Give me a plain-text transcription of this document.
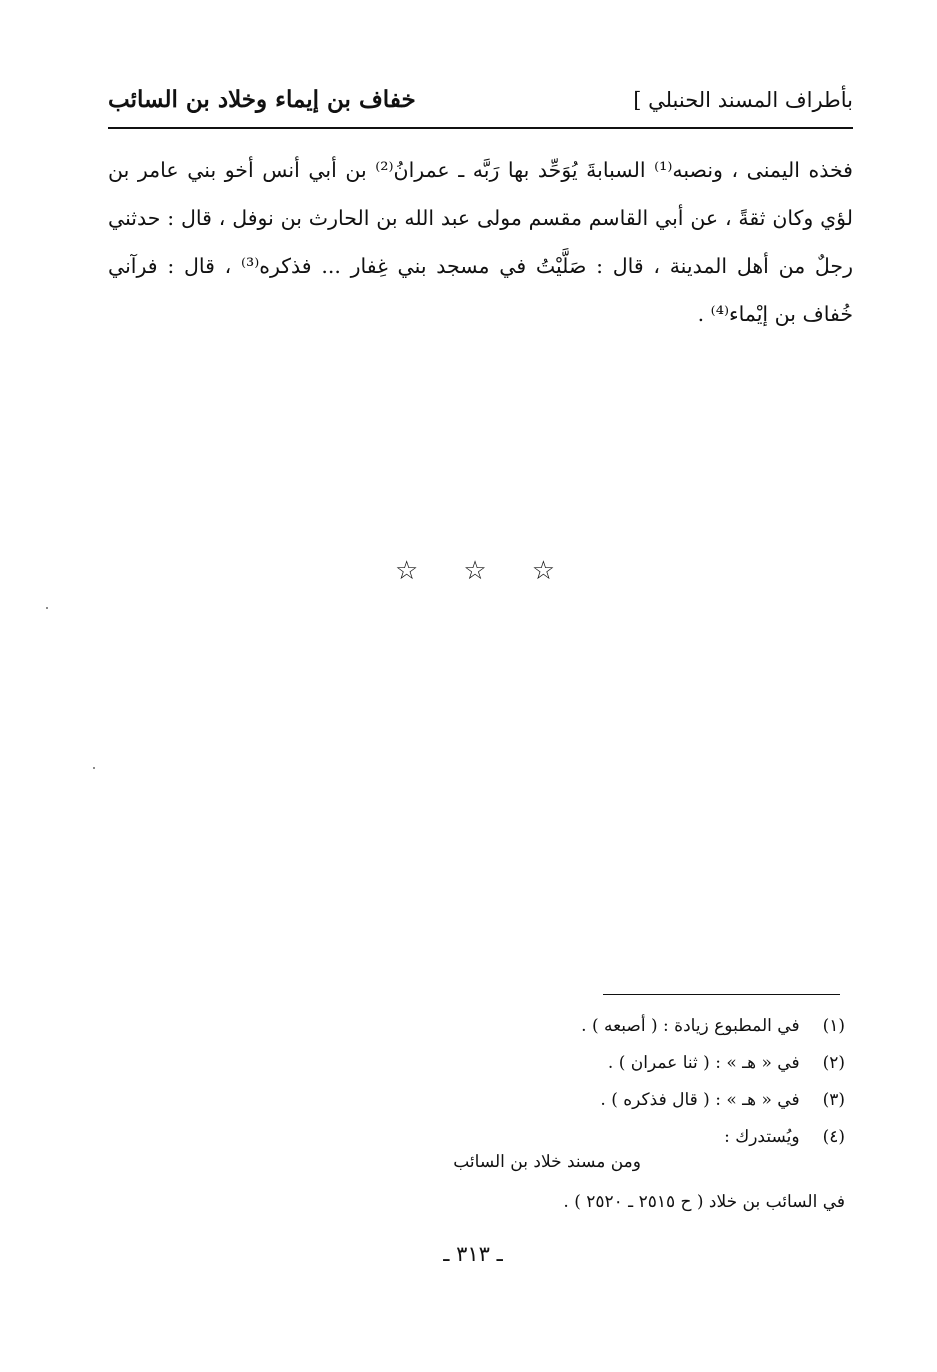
بأطراف المسند الحنبلي ]
خفاف بن إيماء وخلاد بن السائب

فخذه اليمنى ، ونصبه⁽¹⁾ السبابةَ يُوَحِّد بها رَبَّه ـ عمرانُ⁽²⁾ بن أبي أنس أخو بني عامر بن لؤي وكان ثقةً ، عن أبي القاسم مقسم مولى عبد الله بن الحارث بن نوفل ، قال : حدثني رجلٌ من أهل المدينة ، قال : صَلَّيْتُ في مسجد بني غِفار ... فذكره⁽³⁾ ، قال : فرآني خُفاف بن إيْماء⁽⁴⁾ .

☆ ☆ ☆
(١) في المطبوع زيادة : ( أصبعه ) .
(٢) في « هـ » : ( ثنا عمران ) .
(٣) في « هـ » : ( قال فذكره ) .
(٤) ويُستدرك :
ومن مسند خلاد بن السائب
في السائب بن خلاد ( ح ٢٥١٥ ـ ٢٥٢٠ ) .
ـ ٣١٣ ـ
